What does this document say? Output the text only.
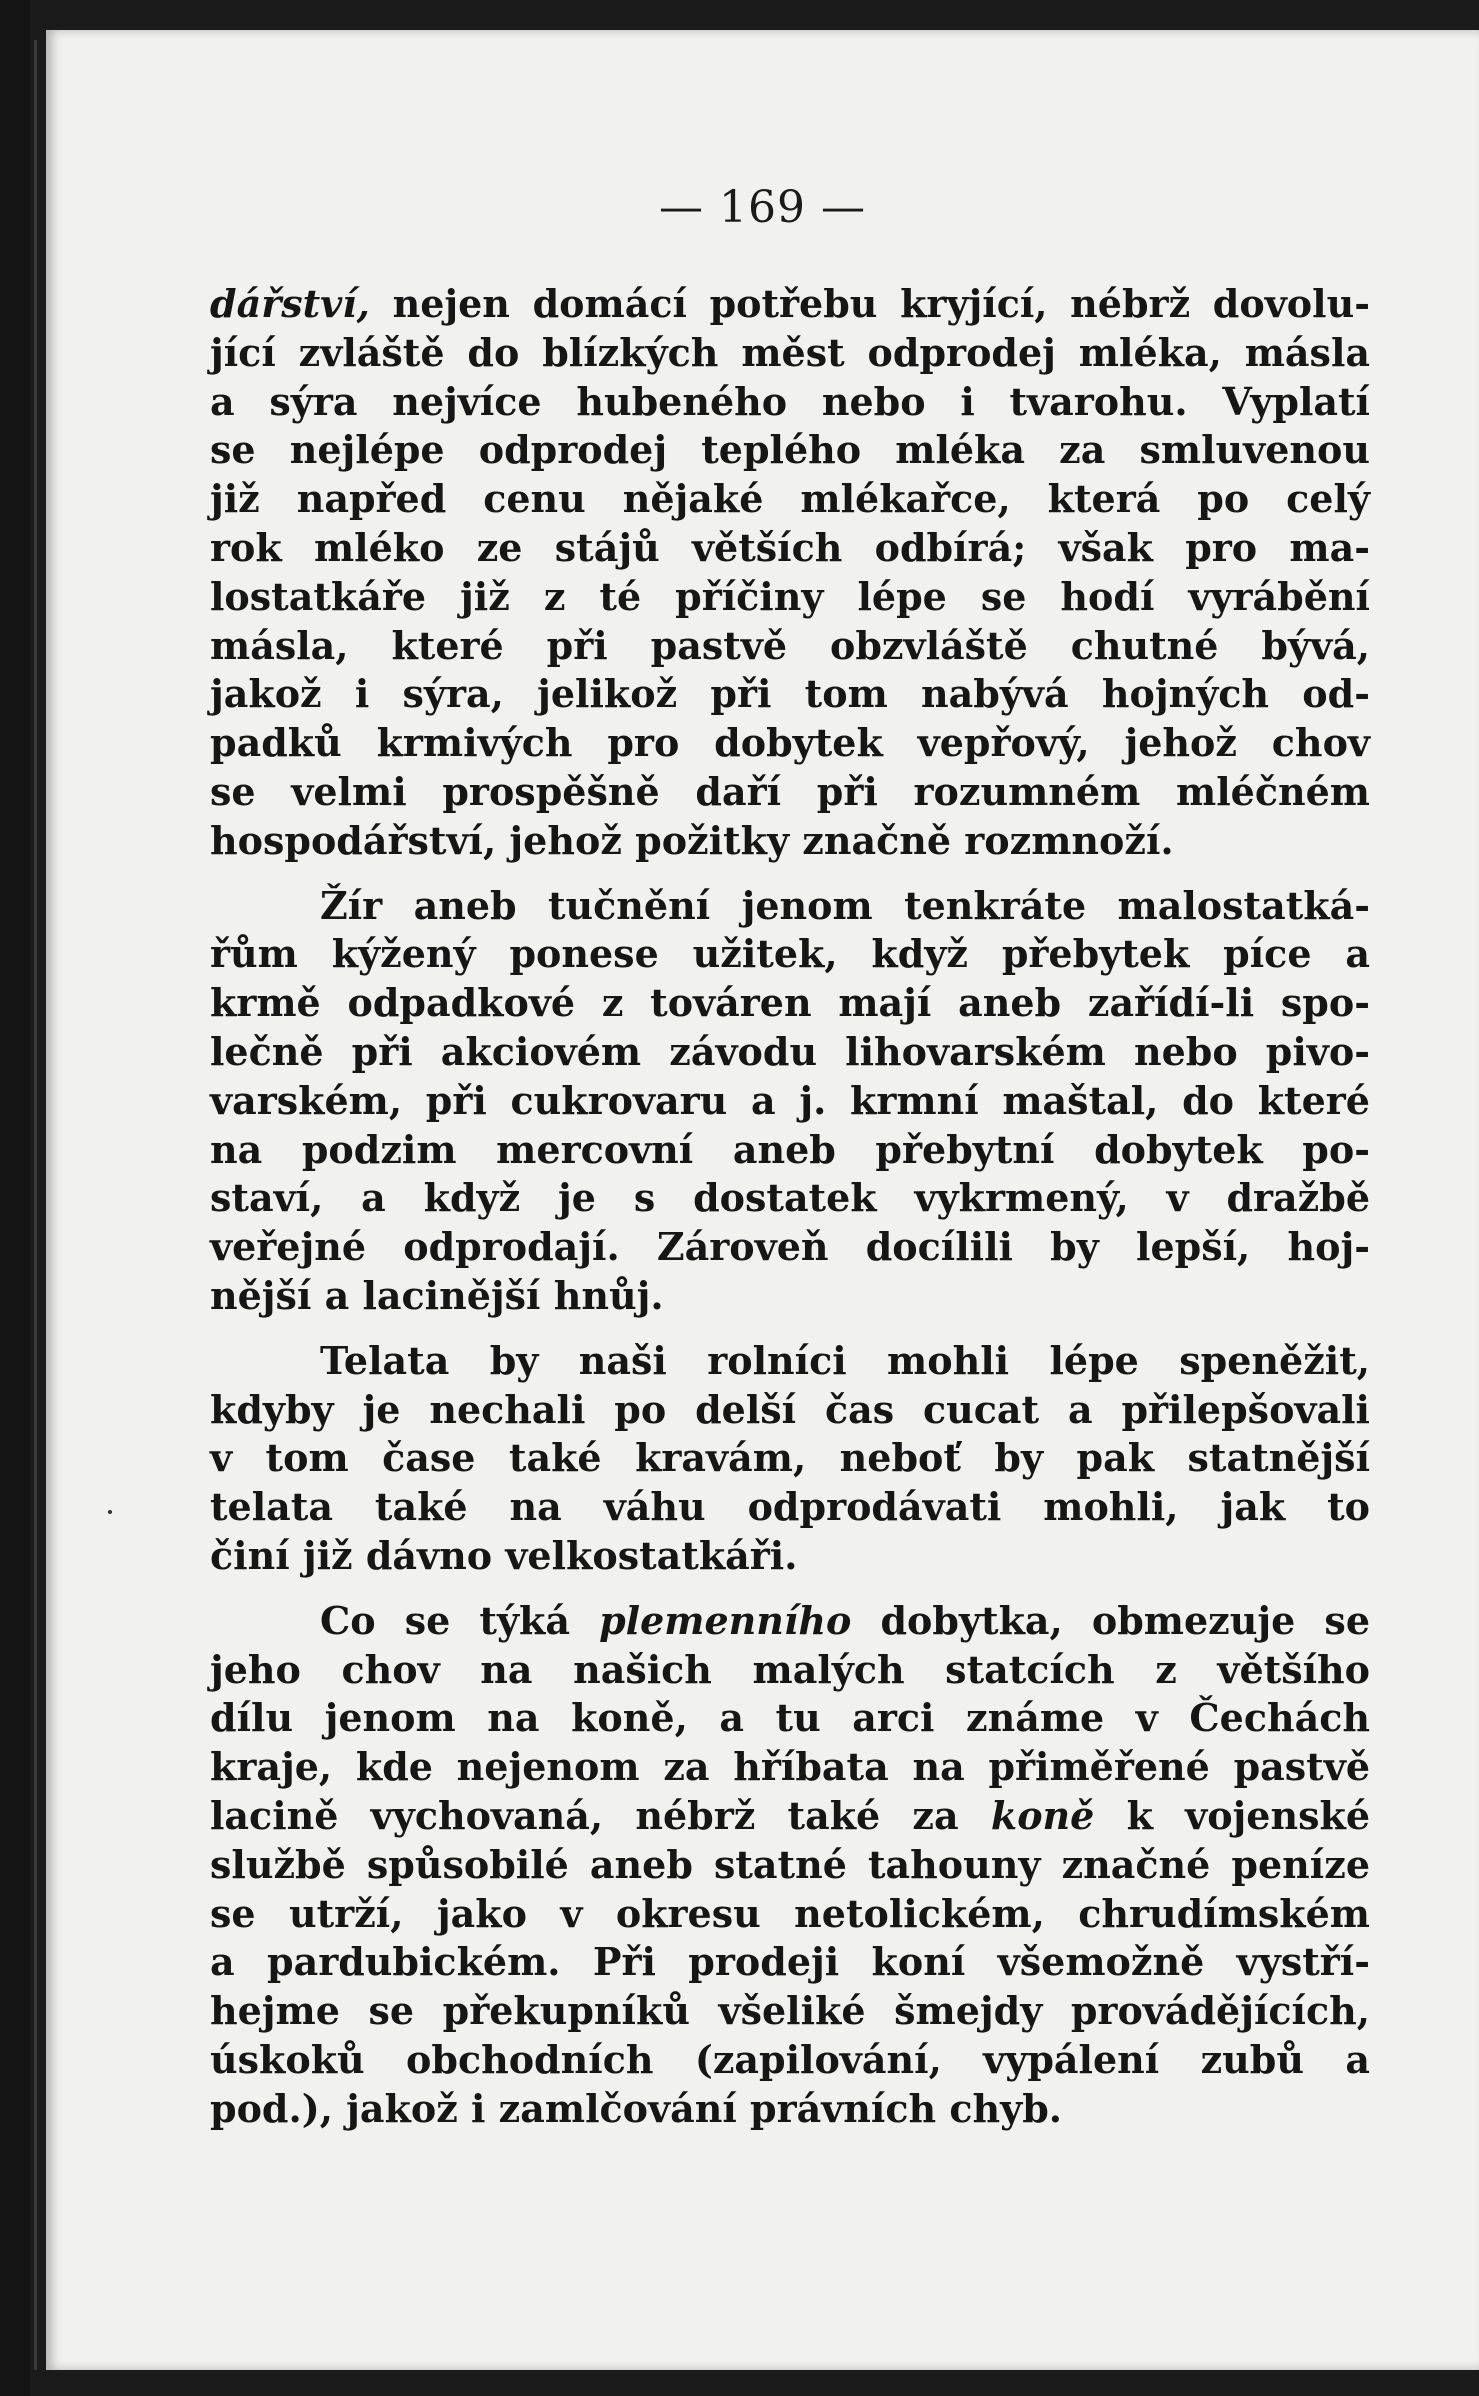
— 169 —
dářství, nejen domácí potřebu kryjící, nébrž dovolu-
jící zvláště do blízkých měst odprodej mléka, másla
a sýra nejvíce hubeného nebo i tvarohu. Vyplatí
se nejlépe odprodej teplého mléka za smluvenou
již napřed cenu nějaké mlékařce, která po celý
rok mléko ze stájů větších odbírá; však pro ma-
lostatkáře již z té příčiny lépe se hodí vyrábění
másla, které při pastvě obzvláště chutné bývá,
jakož i sýra, jelikož při tom nabývá hojných od-
padků krmivých pro dobytek vepřový, jehož chov
se velmi prospěšně daří při rozumném mléčném
hospodářství, jehož požitky značně rozmnoží.
Žír aneb tučnění jenom tenkráte malostatká-
řům kýžený ponese užitek, když přebytek píce a
krmě odpadkové z továren mají aneb zařídí-li spo-
lečně při akciovém závodu lihovarském nebo pivo-
varském, při cukrovaru a j. krmní maštal, do které
na podzim mercovní aneb přebytní dobytek po-
staví, a když je s dostatek vykrmený, v dražbě
veřejné odprodají. Zároveň docílili by lepší, hoj-
nější a lacinější hnůj.
Telata by naši rolníci mohli lépe speněžit,
kdyby je nechali po delší čas cucat a přilepšovali
v tom čase také kravám, neboť by pak statnější
telata také na váhu odprodávati mohli, jak to
činí již dávno velkostatkáři.
Co se týká plemenního dobytka, obmezuje se
jeho chov na našich malých statcích z většího
dílu jenom na koně, a tu arci známe v Čechách
kraje, kde nejenom za hříbata na přiměřené pastvě
lacině vychovaná, nébrž také za koně k vojenské
službě spůsobilé aneb statné tahouny značné peníze
se utrží, jako v okresu netolickém, chrudímském
a pardubickém. Při prodeji koní všemožně vystří-
hejme se překupníků všeliké šmejdy provádějících,
úskoků obchodních (zapilování, vypálení zubů a
pod.), jakož i zamlčování právních chyb.
